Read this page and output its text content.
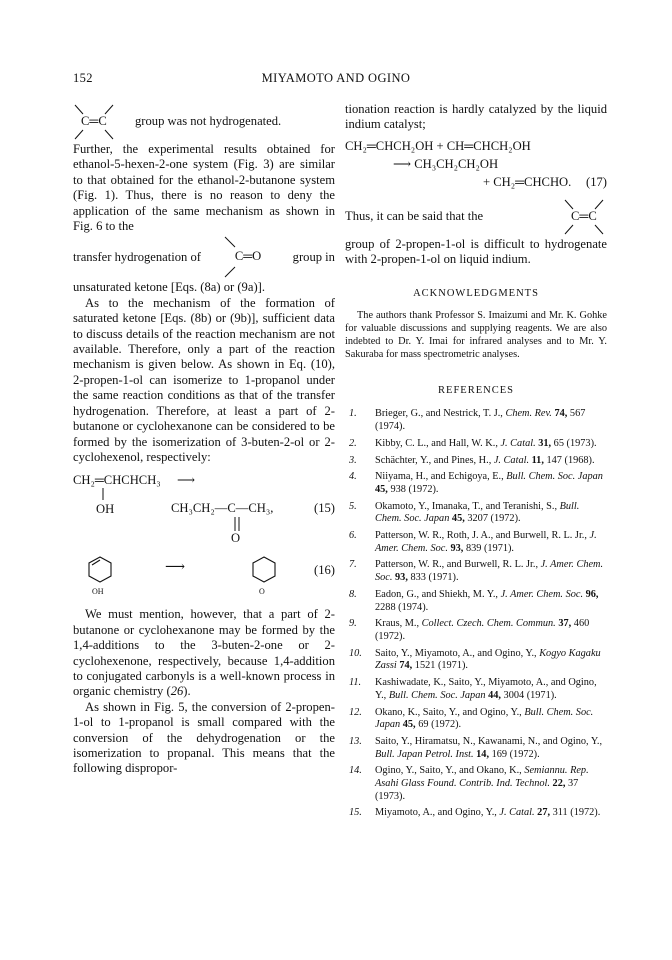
152	MIYAMOTO AND OGINO
C═C group was not hydrogenated.

Further, the experimental results obtained for ethanol-5-hexen-2-one system (Fig. 3) are similar to that obtained for the ethanol-2-butanone system (Fig. 1). Thus, there is no reason to deny the application of the same mechanism as shown in Fig. 6 to the

transfer hydrogenation of	C═O group in

unsaturated ketone [Eqs. (8a) or (9a)].

As to the mechanism of the formation of saturated ketone [Eqs. (8b) or (9b)], sufficient data to discuss details of the reaction mechanism are not available. Therefore, only a part of the reaction mechanism is given below. As shown in Eq. (10), 2-propen-1-ol can isomerize to 1-propanol under the same reaction conditions as that of the transfer hydrogenation. Therefore, at least a part of 2-butanone or cyclohexanone can be considered to be formed by the isomerization of 3-buten-2-ol or 2-cyclohexenol, respectively:

CH₂═CHCHCH₃ ⟶
OH	CH₃CH₂—C—CH₃,
O
(15)
OH
⟶
O
(16)

We must mention, however, that a part of 2-butanone or cyclohexanone may be formed by the 1,4-additions to the 3-buten-2-one or 2-cyclohexenone, respectively, because 1,4-addition to conjugated carbonyls is a well-known process in organic chemistry (26).

As shown in Fig. 5, the conversion of 2-propen-1-ol to 1-propanol is small compared with the conversion of the dehydrogenation or the isomerization to propanal. This means that the following dispropor-

tionation reaction is hardly catalyzed by the liquid indium catalyst;

CH₂═CHCH₂OH + CH═CHCH₂OH
⟶ CH₃CH₂CH₂OH
+ CH₂═CHCHO. (17)
Thus, it can be said that the	C═C

group of 2-propen-1-ol is difficult to hydrogenate with 2-propen-1-ol on liquid indium.

ACKNOWLEDGMENTS

The authors thank Professor S. Imaizumi and Mr. K. Gohke for valuable discussions and supplying reagents. We are also indebted to Dr. Y. Imai for infrared analyses and to Mr. Y. Sakuraba for mass spectrometric analyses.

REFERENCES

1. Brieger, G., and Nestrick, T. J., Chem. Rev. 74, 567 (1974).

2. Kibby, C. L., and Hall, W. K., J. Catal. 31, 65 (1973).

3. Schächter, Y., and Pines, H., J. Catal. 11, 147 (1968).

4. Niiyama, H., and Echigoya, E., Bull. Chem. Soc. Japan 45, 938 (1972).

5. Okamoto, Y., Imanaka, T., and Teranishi, S., Bull. Chem. Soc. Japan 45, 3207 (1972).

6. Patterson, W. R., Roth, J. A., and Burwell, R. L. Jr., J. Amer. Chem. Soc. 93, 839 (1971).

7. Patterson, W. R., and Burwell, R. L. Jr., J. Amer. Chem. Soc. 93, 833 (1971).

8. Eadon, G., and Shiekh, M. Y., J. Amer. Chem. Soc. 96, 2288 (1974).

9. Kraus, M., Collect. Czech. Chem. Commun. 37, 460 (1972).

10. Saito, Y., Miyamoto, A., and Ogino, Y., Kogyo Kagaku Zassi 74, 1521 (1971).

11. Kashiwadate, K., Saito, Y., Miyamoto, A., and Ogino, Y., Bull. Chem. Soc. Japan 44, 3004 (1971).

12. Okano, K., Saito, Y., and Ogino, Y., Bull. Chem. Soc. Japan 45, 69 (1972).

13. Saito, Y., Hiramatsu, N., Kawanami, N., and Ogino, Y., Bull. Japan Petrol. Inst. 14, 169 (1972).

14. Ogino, Y., Saito, Y., and Okano, K., Semiannu. Rep. Asahi Glass Found. Contrib. Ind. Technol. 22, 37 (1973).

15. Miyamoto, A., and Ogino, Y., J. Catal. 27, 311 (1972).
